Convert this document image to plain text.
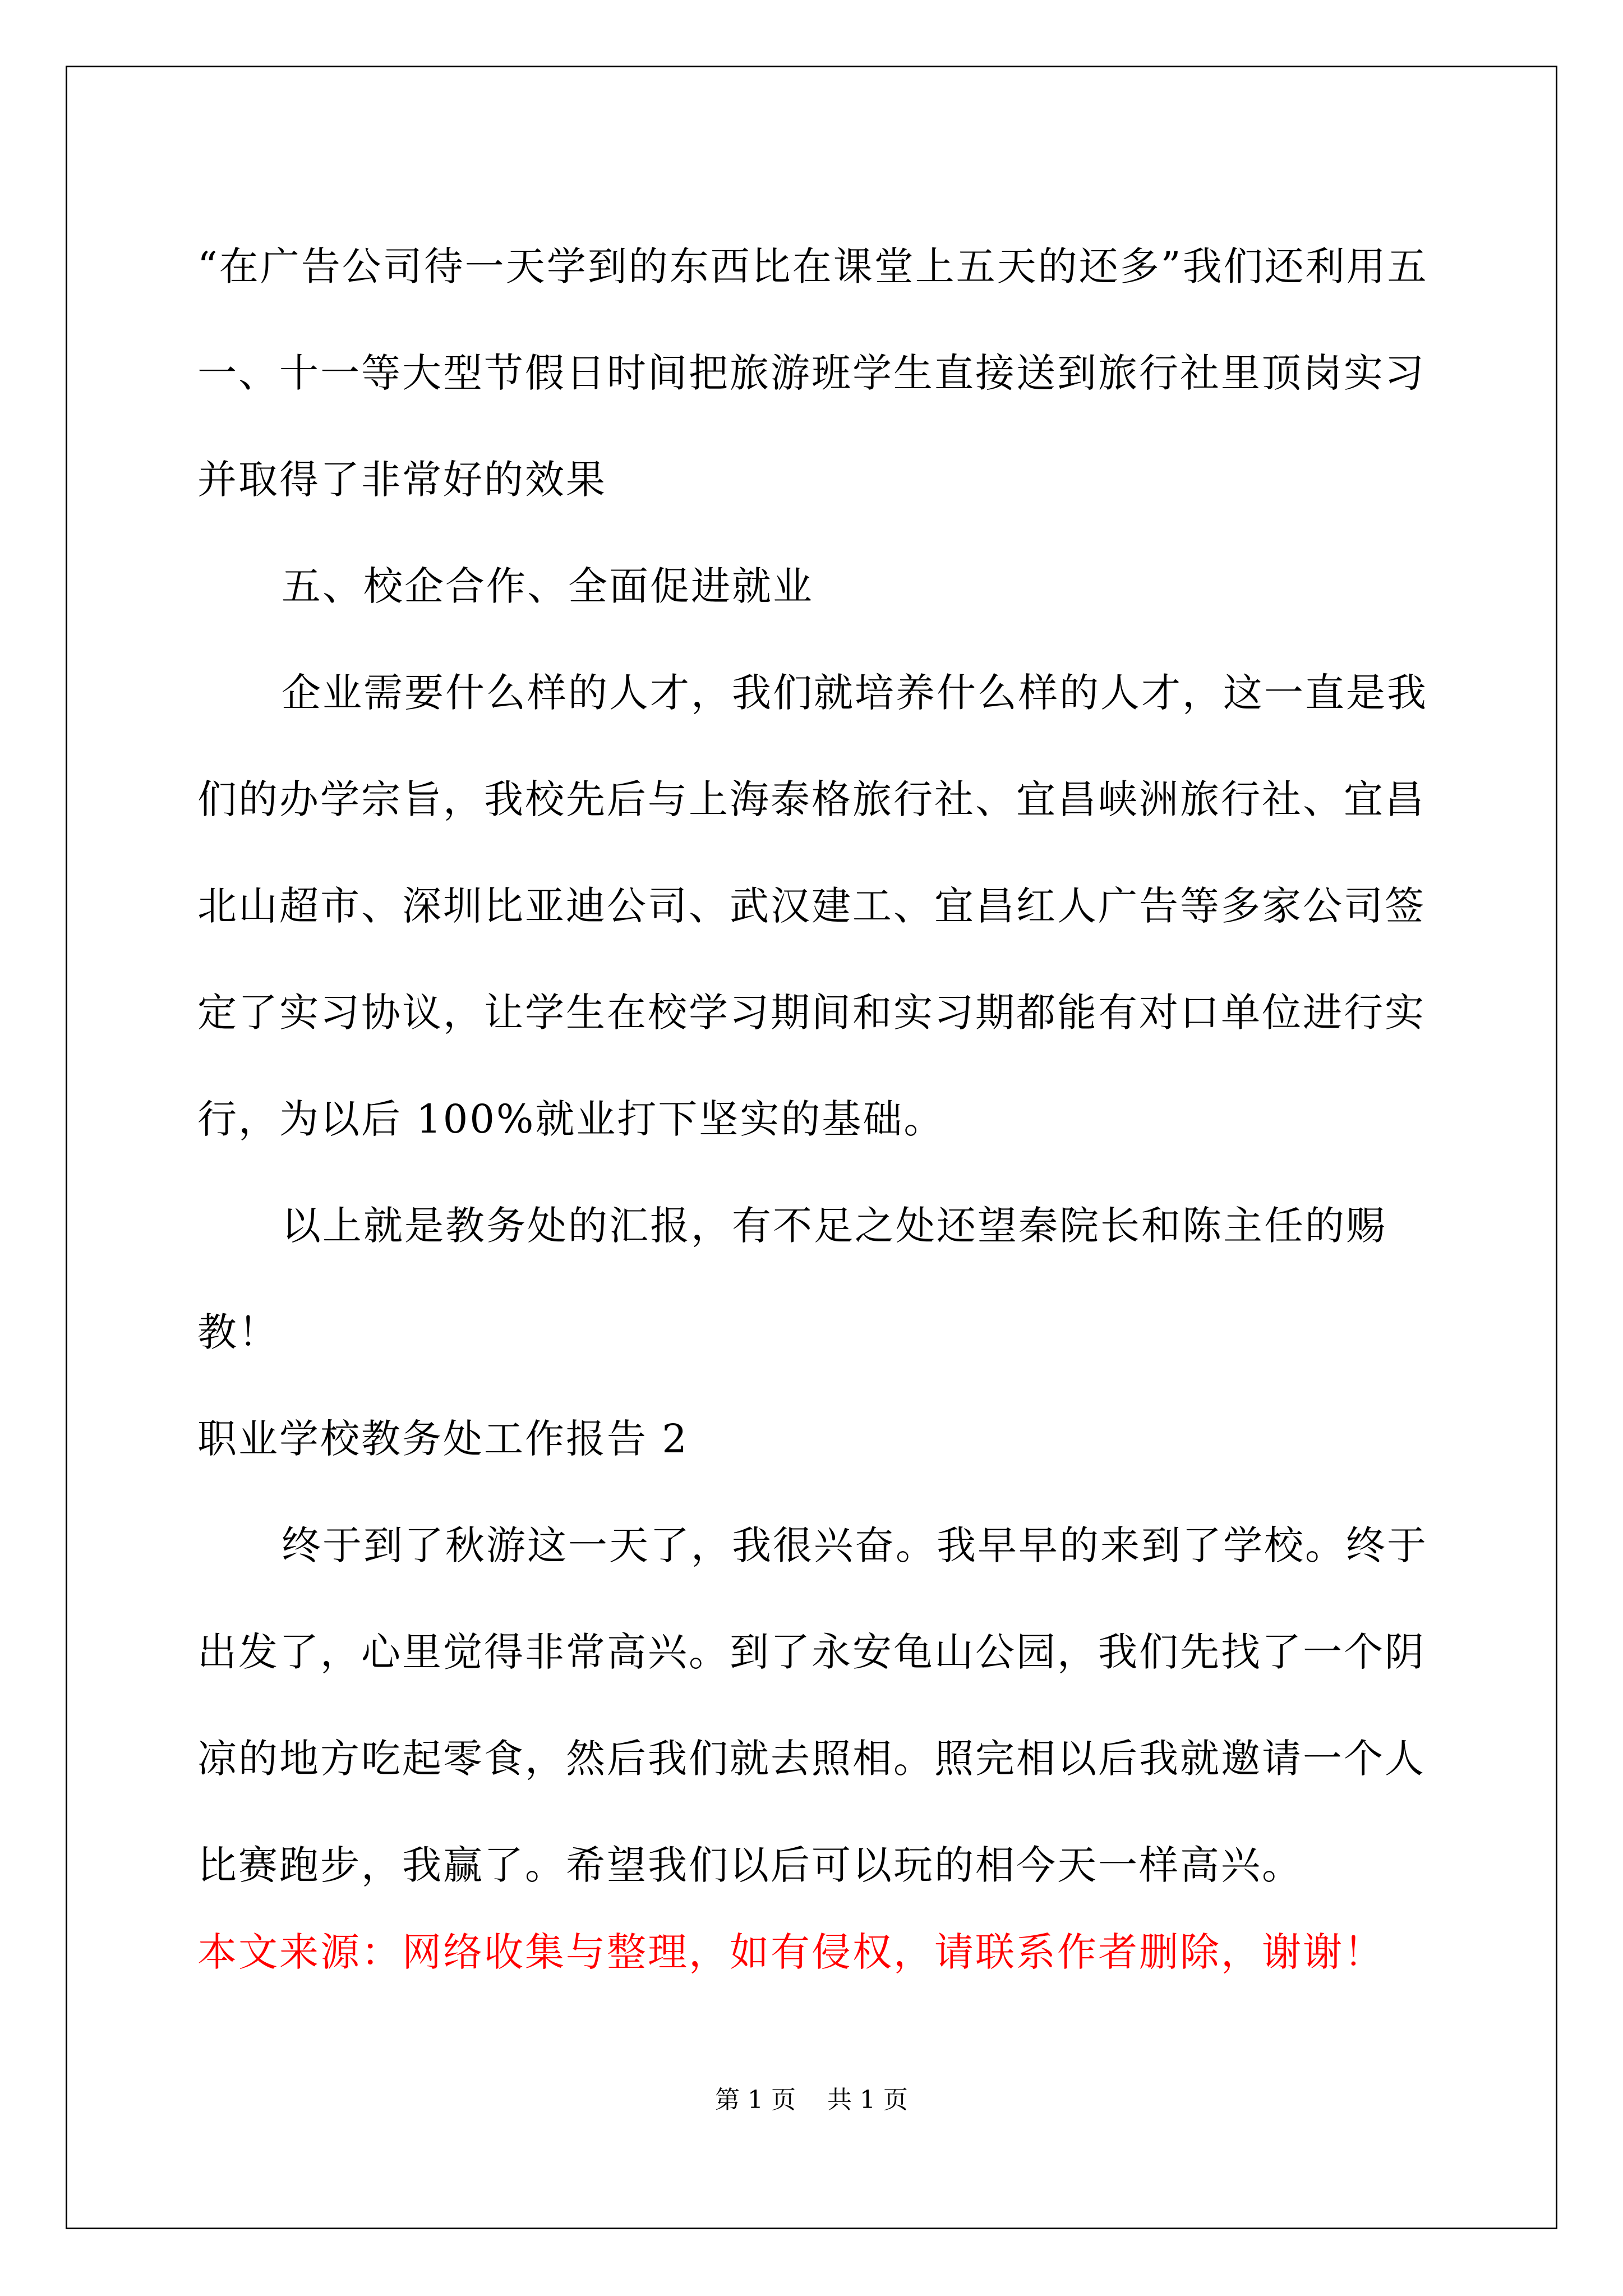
“在广告公司待一天学到的东西比在课堂上五天的还多”我们还利用五一、十一等大型节假日时间把旅游班学生直接送到旅行社里顶岗实习并取得了非常好的效果

五、校企合作、全面促进就业

企业需要什么样的人才，我们就培养什么样的人才，这一直是我们的办学宗旨，我校先后与上海泰格旅行社、宜昌峡洲旅行社、宜昌北山超市、深圳比亚迪公司、武汉建工、宜昌红人广告等多家公司签定了实习协议，让学生在校学习期间和实习期都能有对口单位进行实行，为以后 100%就业打下坚实的基础。

以上就是教务处的汇报，有不足之处还望秦院长和陈主任的赐教！

职业学校教务处工作报告 2

终于到了秋游这一天了，我很兴奋。我早早的来到了学校。终于出发了，心里觉得非常高兴。到了永安龟山公园，我们先找了一个阴凉的地方吃起零食，然后我们就去照相。照完相以后我就邀请一个人比赛跑步，我赢了。希望我们以后可以玩的相今天一样高兴。

本文来源：网络收集与整理，如有侵权，请联系作者删除，谢谢！

第 1 页    共 1 页
